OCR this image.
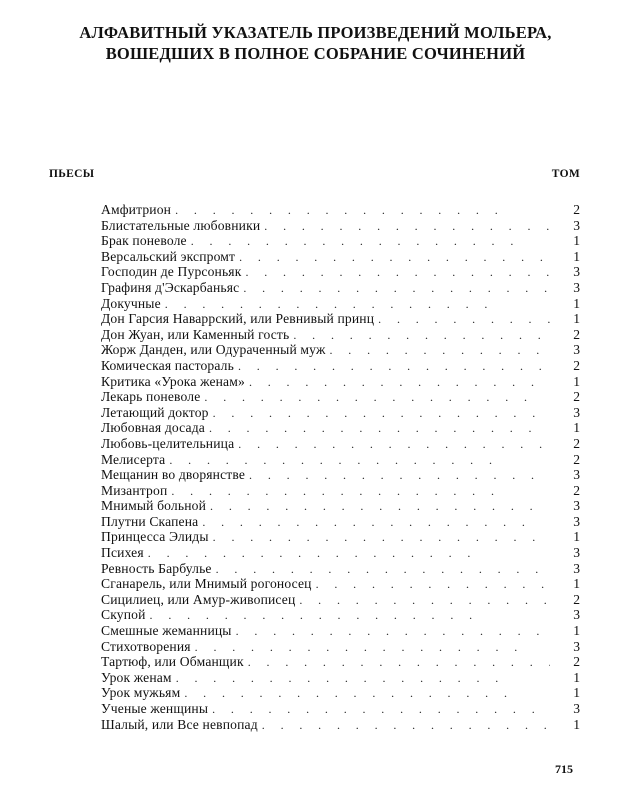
АЛФАВИТНЫЙ УКАЗАТЕЛЬ ПРОИЗВЕДЕНИЙ МОЛЬЕРА,
ВОШЕДШИХ В ПОЛНОЕ СОБРАНИЕ СОЧИНЕНИЙ
ПЬЕСЫ	ТОМ
Амфитрион . . .	2
Блистательные любовники . . .	3
Брак поневоле . . .	1
Версальский экспромт . . .	1
Господин де Пурсоньяк . . .	3
Графиня д'Эскарбаньяс . . .	3
Докучные . . .	1
Дон Гарсия Наваррский, или Ревнивый принц . . .	1
Дон Жуан, или Каменный гость . . .	2
Жорж Данден, или Одураченный муж . . .	3
Комическая пастораль . . .	2
Критика «Урока женам» . . .	1
Лекарь поневоле . . .	2
Летающий доктор . . .	3
Любовная досада . . .	1
Любовь-целительница . . .	2
Мелисерта . . .	2
Мещанин во дворянстве . . .	3
Мизантроп . . .	2
Мнимый больной . . .	3
Плутни Скапена . . .	3
Принцесса Элиды . . .	1
Психея . . .	3
Ревность Барбулье . . .	3
Сганарель, или Мнимый рогоносец . . .	1
Сицилиец, или Амур-живописец . . .	2
Скупой . . .	3
Смешные жеманницы . . .	1
Стихотворения . . .	3
Тартюф, или Обманщик . . .	2
Урок женам . . .	1
Урок мужьям . . .	1
Ученые женщины . . .	3
Шалый, или Все невпопад . . .	1
715
